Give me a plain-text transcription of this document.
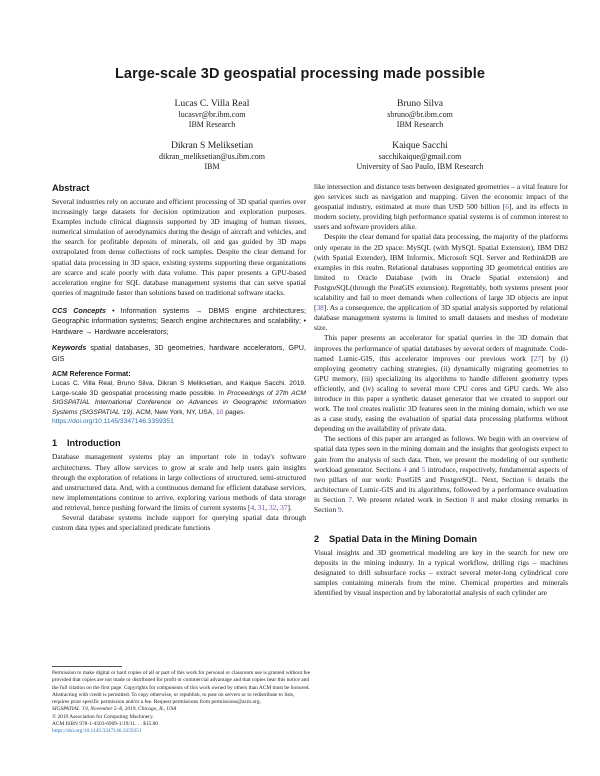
Large-scale 3D geospatial processing made possible
Lucas C. Villa Real
lucasvr@br.ibm.com
IBM Research
Bruno Silva
sbruno@br.ibm.com
IBM Research
Dikran S Meliksetian
dikran_meliksetian@us.ibm.com
IBM
Kaique Sacchi
sacchikaique@gmail.com
University of Sao Paulo, IBM Research
Abstract

Several industries rely on accurate and efficient processing of 3D spatial queries over increasingly large datasets for decision optimization and exploration purposes. Examples include clinical diagnosis supported by 3D imaging of human tissues, numerical simulation of aerodynamics during the design of aircraft and vehicles, and the search for profitable deposits of minerals, oil and gas guided by 3D maps extrapolated from dense collections of rock samples. Despite the clear demand for spatial data processing in 3D space, existing systems supporting these organizations are scarce and scale poorly with data volume. This paper presents a GPU-based acceleration engine for SQL database management systems that can serve spatial queries of magnitude faster than solutions based on traditional software stacks.

CCS Concepts • Information systems → DBMS engine architectures; Geographic information systems; Search engine architectures and scalability; • Hardware → Hardware accelerators;

Keywords spatial databases, 3D geometries, hardware accelerators, GPU, GIS

ACM Reference Format:
Lucas C. Villa Real, Bruno Silva, Dikran S Meliksetian, and Kaique Sacchi. 2019. Large-scale 3D geospatial processing made possible. In Proceedings of 27th ACM SIGSPATIAL International Conference on Advances in Geographic Information Systems (SIGSPATIAL '19). ACM, New York, NY, USA, 10 pages.
https://doi.org/10.1145/3347146.3359351

1 Introduction

Database management systems play an important role in today's software architectures. They allow services to grow at scale and help users gain insights through the exploration of relations in large collections of structured, semi-structured and unstructured data. And, with a continuous demand for efficient database services, new implementations continue to arrive, exploring various methods of data storage and retrieval, hence pushing forward the limits of current systems [4, 31, 32, 37].

Several database systems include support for querying spatial data through custom data types and specialized predicate functions

like intersection and distance tests between designated geometries – a vital feature for geo services such as navigation and mapping. Given the economic impact of the geospatial industry, estimated at more than USD 500 billion [6], and its effects in modern society, providing high performance spatial systems is of common interest to users and software providers alike.

Despite the clear demand for spatial data processing, the majority of the platforms only operate in the 2D space: MySQL (with MySQL Spatial Extension), IBM DB2 (with Spatial Extender), IBM Informix, Microsoft SQL Server and RethinkDB are examples in this realm. Relational databases supporting 3D geometrical entities are limited to Oracle Database (with its Oracle Spatial extension) and PostgreSQL(through the PostGIS extension). Regrettably, both systems present poor scalability and fail to meet demands when collections of large 3D objects are input [38]. As a consequence, the application of 3D spatial analysis supported by relational database management systems is limited to small datasets and meshes of moderate size.

This paper presents an accelerator for spatial queries in the 3D domain that improves the performance of spatial databases by several orders of magnitude. Code-named Lumic-GIS, this accelerator improves our previous work [27] by (i) employing geometry caching strategies, (ii) dynamically migrating geometries to GPU memory, (iii) specializing its algorithms to handle different geometry types efficiently, and (iv) scaling to several more CPU cores and GPU cards. We also introduce in this paper a synthetic dataset generator that we created to support our work. The tool creates realistic 3D features seen in the mining domain, which we use as a case study, easing the evaluation of spatial data processing platforms without depending on the availability of private data.

The sections of this paper are arranged as follows. We begin with an overview of spatial data types seen in the mining domain and the insights that geologists expect to gain from the analysis of such data. Then, we present the modeling of our synthetic workload generator. Sections 4 and 5 introduce, respectively, fundamental aspects of two pillars of our work: PostGIS and PostgreSQL. Next, Section 6 details the architecture of Lumic-GIS and its algorithms, followed by a performance evaluation in Section 7. We present related work in Section 8 and make closing remarks in Section 9.

2 Spatial Data in the Mining Domain

Visual insights and 3D geometrical modeling are key in the search for new ore deposits in the mining industry. In a typical workflow, drilling rigs – machines designated to drill subsurface rocks – extract several meter-long cylindrical core samples containing minerals from the mine. Chemical properties and minerals identified by visual inspection and by laboratorial analysis of each cylinder are

Permission to make digital or hard copies of all or part of this work for personal or classroom use is granted without fee provided that copies are not made or distributed for profit or commercial advantage and that copies bear this notice and the full citation on the first page. Copyrights for components of this work owned by others than ACM must be honored. Abstracting with credit is permitted. To copy otherwise, or republish, to post on servers or to redistribute to lists, requires prior specific permission and/or a fee. Request permissions from permissions@acm.org.

SIGSPATIAL '19, November 5–8, 2019, Chicago, IL, USA

© 2019 Association for Computing Machinery.

ACM ISBN 978-1-4503-6909-1/19/11. . . $15.00

https://doi.org/10.1145/3347146.3359351
